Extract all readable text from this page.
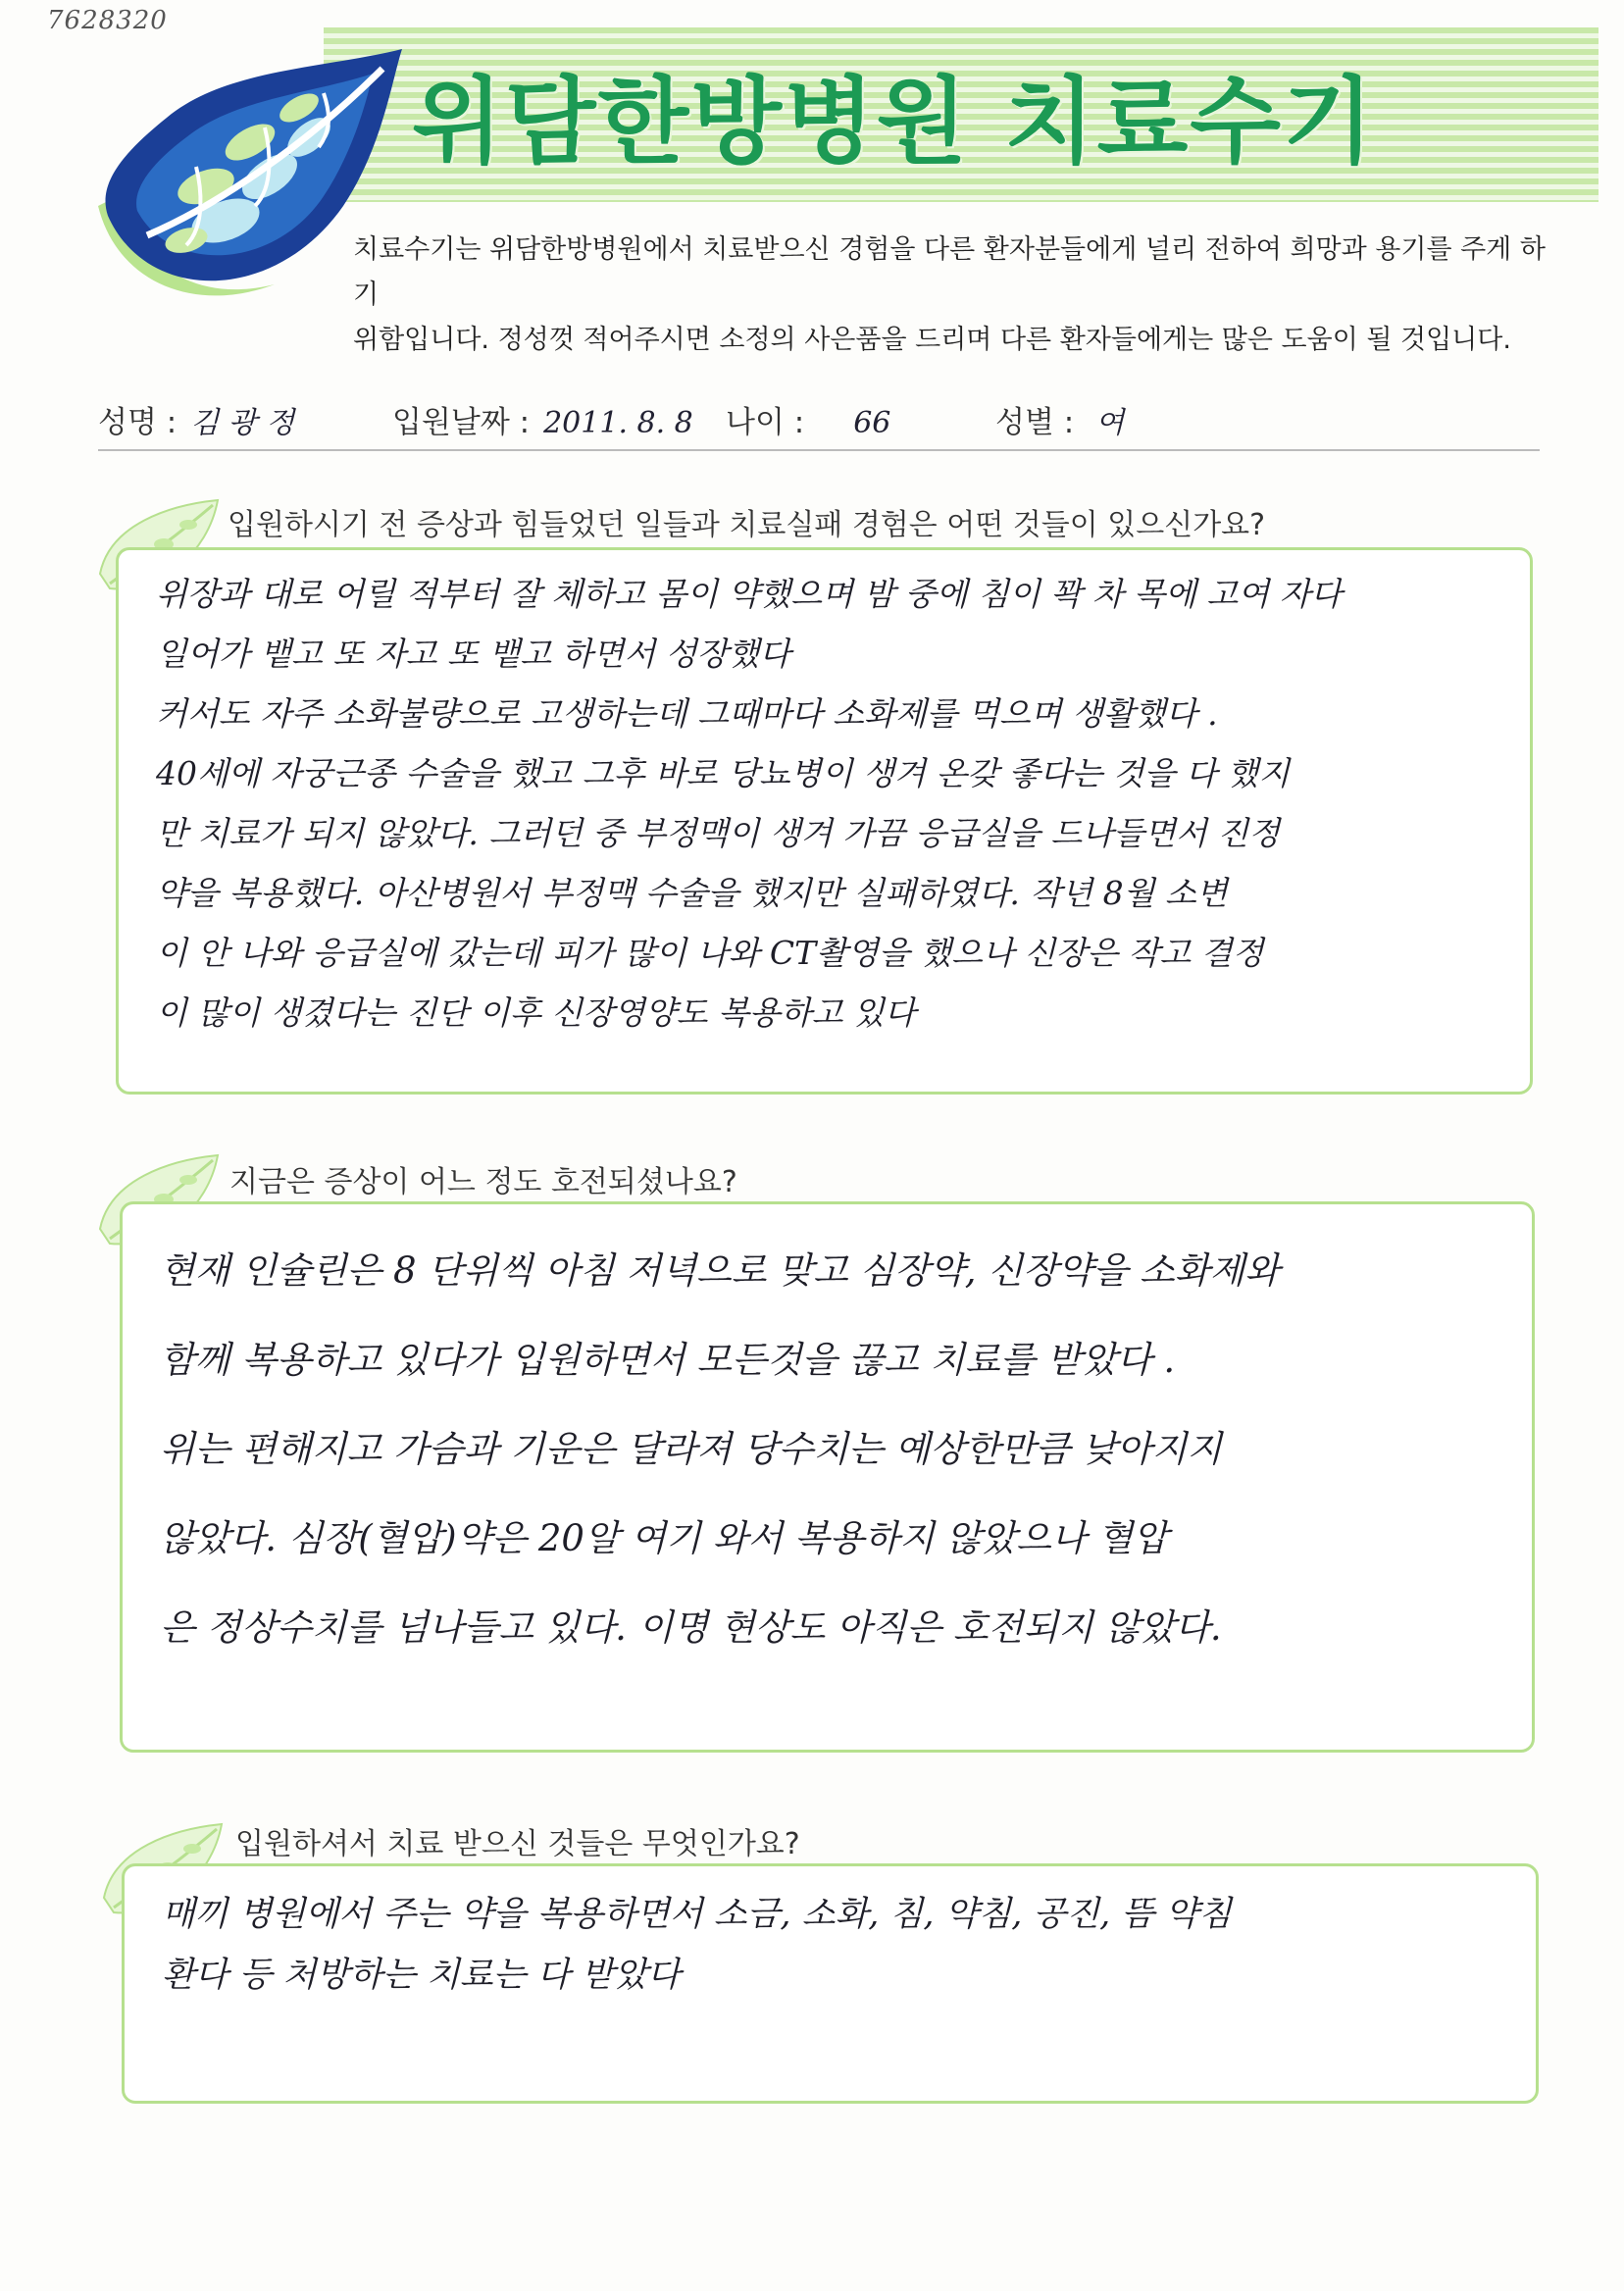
7628320
위담한방병원 치료수기
치료수기는 위담한방병원에서 치료받으신 경험을 다른 환자분들에게 널리 전하여 희망과 용기를 주게 하기
위함입니다. 정성껏 적어주시면 소정의 사은품을 드리며 다른 환자들에게는 많은 도움이 될 것입니다.
성명 : 김 광 정	입원날짜 : 2011. 8. 8 나이 : 66	성별 : 여
입원하시기 전 증상과 힘들었던 일들과 치료실패 경험은 어떤 것들이 있으신가요?
위장과 대로 어릴 적부터 잘 체하고 몸이 약했으며 밤 중에 침이 꽉 차 목에 고여 자다
일어가 뱉고 또 자고 또 뱉고 하면서 성장했다
커서도 자주 소화불량으로 고생하는데 그때마다 소화제를 먹으며 생활했다 .
40세에 자궁근종 수술을 했고 그후 바로 당뇨병이 생겨 온갖 좋다는 것을 다 했지
만 치료가 되지 않았다. 그러던 중 부정맥이 생겨 가끔 응급실을 드나들면서 진정
약을 복용했다. 아산병원서 부정맥 수술을 했지만 실패하였다. 작년 8월 소변
이 안 나와 응급실에 갔는데 피가 많이 나와 CT촬영을 했으나 신장은 작고 결정
이 많이 생겼다는 진단 이후 신장영양도 복용하고 있다
지금은 증상이 어느 정도 호전되셨나요?
현재 인슐린은 8 단위씩 아침 저녁으로 맞고 심장약, 신장약을 소화제와
함께 복용하고 있다가 입원하면서 모든것을 끊고 치료를 받았다 .
위는 편해지고 가슴과 기운은 달라져 당수치는 예상한만큼 낮아지지
않았다. 심장(혈압)약은 20알 여기 와서 복용하지 않았으나 혈압
은 정상수치를 넘나들고 있다. 이명 현상도 아직은 호전되지 않았다.
입원하셔서 치료 받으신 것들은 무엇인가요?
매끼 병원에서 주는 약을 복용하면서 소금, 소화, 침, 약침, 공진, 뜸 약침
환다 등 처방하는 치료는 다 받았다
